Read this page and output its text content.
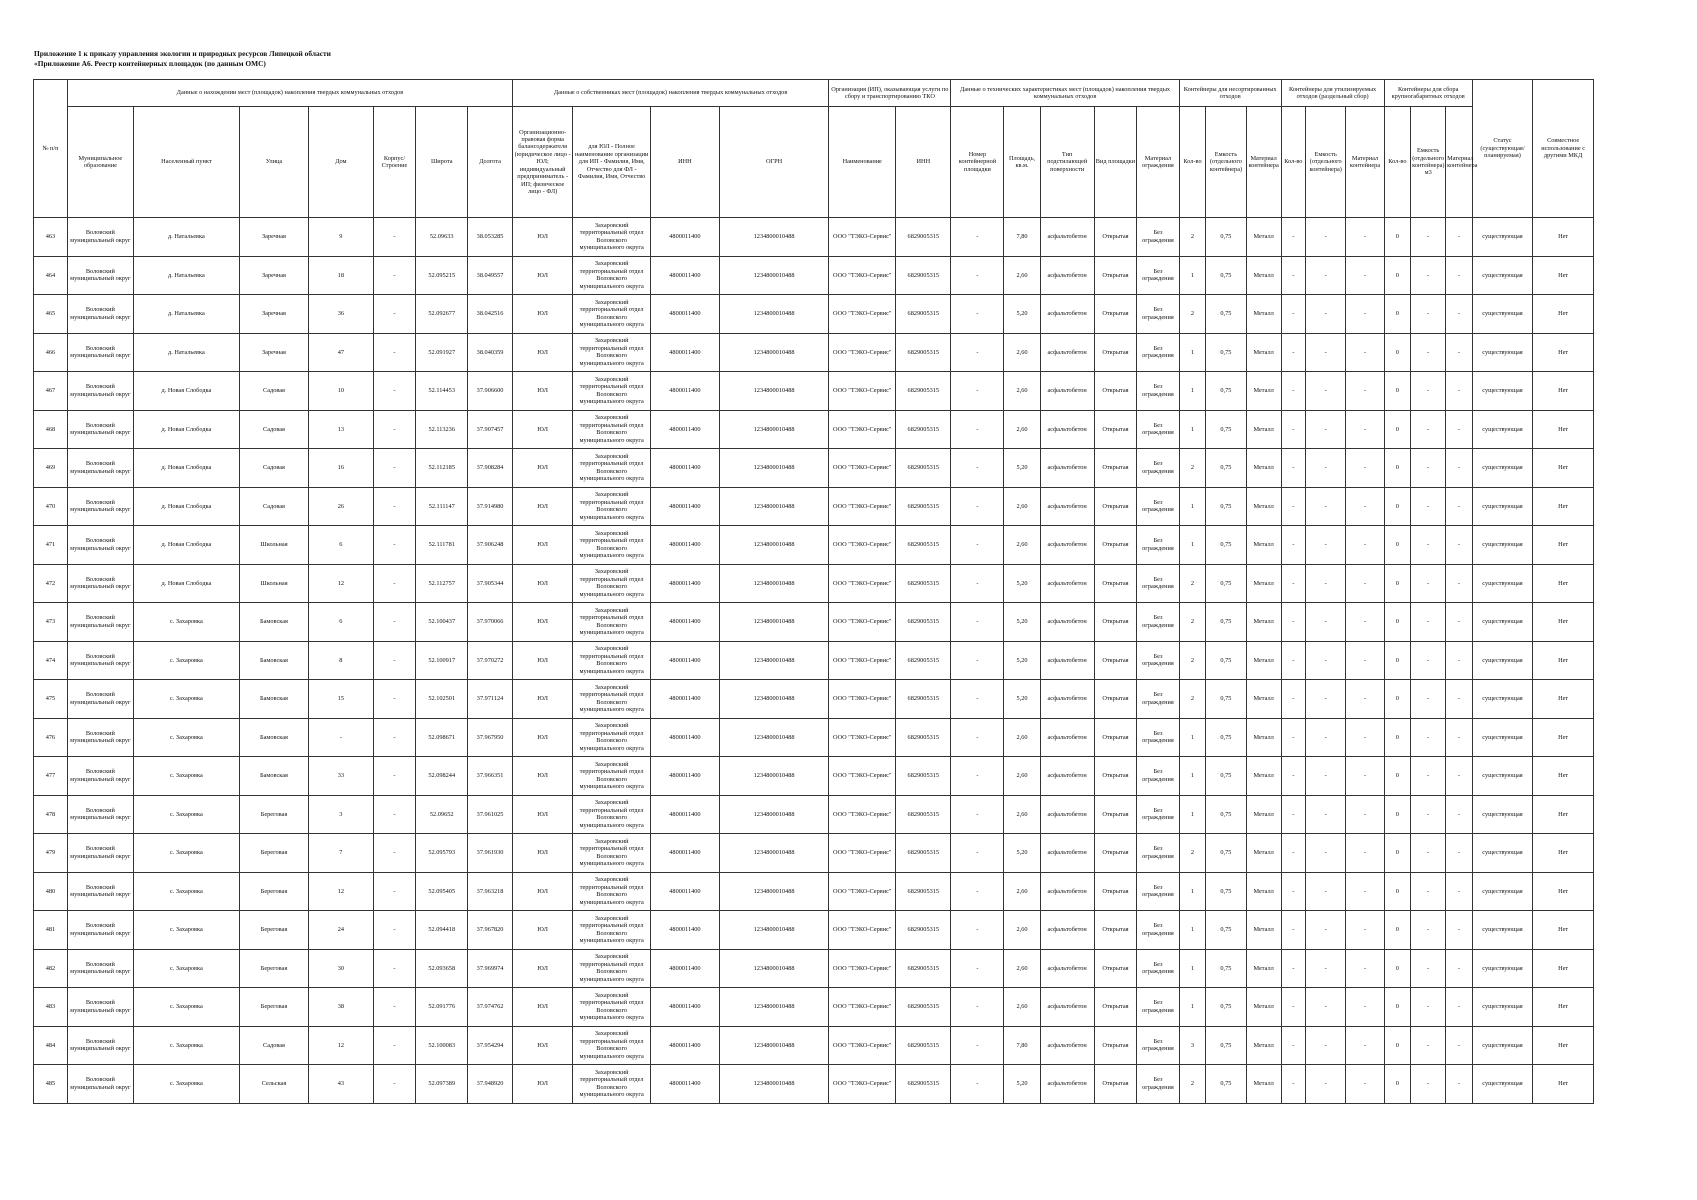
Приложение 1 к приказу управления экологии и природных ресурсов Липецкой области
«Приложение А6. Реестр контейнерных площадок (по данным ОМС)
№ п/п	Данные о нахождении мест (площадок) накопления твердых коммунальных отходов							Данные о собственниках мест (площадок) накопления твердых коммунальных отходов				Организация (ИП), оказывающая услуги по сбору и транспортированию ТКО		Данные о технических характеристиках мест (площадок) накопления твердых коммунальных отходов					Контейнеры для несортированных отходов			Контейнеры для утилизируемых отходов (раздельный сбор)			Контейнеры для сбора крупногабаритных отходов			Статус (существующая/планируемая)	Совместное использование с другими МКД
	Муниципальное образование	Населенный пункт	Улица	Дом	Корпус/Строение	Широта	Долгота	Организационно-правовая форма балансодержателя (юридическое лицо - ЮЛ; индивидуальный предприниматель - ИП; физическое лицо - ФЛ)	для ЮЛ - Полное наименование организации для ИП - Фамилия, Имя, Отчество для ФЛ - Фамилия, Имя, Отчество	ИНН	ОГРН	Наименование	ИНН	Номер контейнерной площадки	Площадь, кв.м.	Тип подстилающей поверхности	Вид площадки	Материал ограждения	Кол-во	Емкость (отдельного контейнера)	Материал контейнера	Кол-во	Емкость (отдельного контейнера)	Материал контейнера	Кол-во	Емкость (отдельного контейнера) м3	Материал контейнера		
463	Воловский муниципальный округ	д. Натальевка	Заречная	9	-	52.09633	38.053285	ЮЛ	Захаровский территориальный отдел Воловского муниципального округа	4800011400	1234800010488	ООО "ТЭКО-Сервис"	6829005315	-	7,80	асфальтобетон	Открытая	Без ограждения	2	0,75	Металл	-	-	-	0	-	-	существующая	Нет
464	Воловский муниципальный округ	д. Натальевка	Заречная	18	-	52.095215	38.049557	ЮЛ	Захаровский территориальный отдел Воловского муниципального округа	4800011400	1234800010488	ООО "ТЭКО-Сервис"	6829005315	-	2,60	асфальтобетон	Открытая	Без ограждения	1	0,75	Металл	-	-	-	0	-	-	существующая	Нет
465	Воловский муниципальный округ	д. Натальевка	Заречная	36	-	52.092677	38.042516	ЮЛ	Захаровский территориальный отдел Воловского муниципального округа	4800011400	1234800010488	ООО "ТЭКО-Сервис"	6829005315	-	5,20	асфальтобетон	Открытая	Без ограждения	2	0,75	Металл	-	-	-	0	-	-	существующая	Нет
466	Воловский муниципальный округ	д. Натальевка	Заречная	47	-	52.091927	38.040359	ЮЛ	Захаровский территориальный отдел Воловского муниципального округа	4800011400	1234800010488	ООО "ТЭКО-Сервис"	6829005315	-	2,60	асфальтобетон	Открытая	Без ограждения	1	0,75	Металл	-	-	-	0	-	-	существующая	Нет
467	Воловский муниципальный округ	д. Новая Слободка	Садовая	10	-	52.114453	37.906600	ЮЛ	Захаровский территориальный отдел Воловского муниципального округа	4800011400	1234800010488	ООО "ТЭКО-Сервис"	6829005315	-	2,60	асфальтобетон	Открытая	Без ограждения	1	0,75	Металл	-	-	-	0	-	-	существующая	Нет
468	Воловский муниципальный округ	д. Новая Слободка	Садовая	13	-	52.113236	37.907457	ЮЛ	Захаровский территориальный отдел Воловского муниципального округа	4800011400	1234800010488	ООО "ТЭКО-Сервис"	6829005315	-	2,60	асфальтобетон	Открытая	Без ограждения	1	0,75	Металл	-	-	-	0	-	-	существующая	Нет
469	Воловский муниципальный округ	д. Новая Слободка	Садовая	16	-	52.112185	37.908284	ЮЛ	Захаровский территориальный отдел Воловского муниципального округа	4800011400	1234800010488	ООО "ТЭКО-Сервис"	6829005315	-	5,20	асфальтобетон	Открытая	Без ограждения	2	0,75	Металл	-	-	-	0	-	-	существующая	Нет
470	Воловский муниципальный округ	д. Новая Слободка	Садовая	26	-	52.111147	37.914980	ЮЛ	Захаровский территориальный отдел Воловского муниципального округа	4800011400	1234800010488	ООО "ТЭКО-Сервис"	6829005315	-	2,60	асфальтобетон	Открытая	Без ограждения	1	0,75	Металл	-	-	-	0	-	-	существующая	Нет
471	Воловский муниципальный округ	д. Новая Слободка	Школьная	6	-	52.111781	37.906248	ЮЛ	Захаровский территориальный отдел Воловского муниципального округа	4800011400	1234800010488	ООО "ТЭКО-Сервис"	6829005315	-	2,60	асфальтобетон	Открытая	Без ограждения	1	0,75	Металл	-	-	-	0	-	-	существующая	Нет
472	Воловский муниципальный округ	д. Новая Слободка	Школьная	12	-	52.112757	37.905344	ЮЛ	Захаровский территориальный отдел Воловского муниципального округа	4800011400	1234800010488	ООО "ТЭКО-Сервис"	6829005315	-	5,20	асфальтобетон	Открытая	Без ограждения	2	0,75	Металл	-	-	-	0	-	-	существующая	Нет
473	Воловский муниципальный округ	с. Захаровка	Бамовская	6	-	52.100437	37.970066	ЮЛ	Захаровский территориальный отдел Воловского муниципального округа	4800011400	1234800010488	ООО "ТЭКО-Сервис"	6829005315	-	5,20	асфальтобетон	Открытая	Без ограждения	2	0,75	Металл	-	-	-	0	-	-	существующая	Нет
474	Воловский муниципальный округ	с. Захаровка	Бамовская	8	-	52.100917	37.970272	ЮЛ	Захаровский территориальный отдел Воловского муниципального округа	4800011400	1234800010488	ООО "ТЭКО-Сервис"	6829005315	-	5,20	асфальтобетон	Открытая	Без ограждения	2	0,75	Металл	-	-	-	0	-	-	существующая	Нет
475	Воловский муниципальный округ	с. Захаровка	Бамовская	15	-	52.102501	37.971124	ЮЛ	Захаровский территориальный отдел Воловского муниципального округа	4800011400	1234800010488	ООО "ТЭКО-Сервис"	6829005315	-	5,20	асфальтобетон	Открытая	Без ограждения	2	0,75	Металл	-	-	-	0	-	-	существующая	Нет
476	Воловский муниципальный округ	с. Захаровка	Бамовская	-	-	52.098671	37.967950	ЮЛ	Захаровский территориальный отдел Воловского муниципального округа	4800011400	1234800010488	ООО "ТЭКО-Сервис"	6829005315	-	2,60	асфальтобетон	Открытая	Без ограждения	1	0,75	Металл	-	-	-	0	-	-	существующая	Нет
477	Воловский муниципальный округ	с. Захаровка	Бамовская	33	-	52.098244	37.966351	ЮЛ	Захаровский территориальный отдел Воловского муниципального округа	4800011400	1234800010488	ООО "ТЭКО-Сервис"	6829005315	-	2,60	асфальтобетон	Открытая	Без ограждения	1	0,75	Металл	-	-	-	0	-	-	существующая	Нет
478	Воловский муниципальный округ	с. Захаровка	Береговая	3	-	52.09652	37.961025	ЮЛ	Захаровский территориальный отдел Воловского муниципального округа	4800011400	1234800010488	ООО "ТЭКО-Сервис"	6829005315	-	2,60	асфальтобетон	Открытая	Без ограждения	1	0,75	Металл	-	-	-	0	-	-	существующая	Нет
479	Воловский муниципальный округ	с. Захаровка	Береговая	7	-	52.095793	37.961930	ЮЛ	Захаровский территориальный отдел Воловского муниципального округа	4800011400	1234800010488	ООО "ТЭКО-Сервис"	6829005315	-	5,20	асфальтобетон	Открытая	Без ограждения	2	0,75	Металл	-	-	-	0	-	-	существующая	Нет
480	Воловский муниципальный округ	с. Захаровка	Береговая	12	-	52.095405	37.963218	ЮЛ	Захаровский территориальный отдел Воловского муниципального округа	4800011400	1234800010488	ООО "ТЭКО-Сервис"	6829005315	-	2,60	асфальтобетон	Открытая	Без ограждения	1	0,75	Металл	-	-	-	0	-	-	существующая	Нет
481	Воловский муниципальный округ	с. Захаровка	Береговая	24	-	52.094418	37.967820	ЮЛ	Захаровский территориальный отдел Воловского муниципального округа	4800011400	1234800010488	ООО "ТЭКО-Сервис"	6829005315	-	2,60	асфальтобетон	Открытая	Без ограждения	1	0,75	Металл	-	-	-	0	-	-	существующая	Нет
482	Воловский муниципальный округ	с. Захаровка	Береговая	30	-	52.093658	37.969974	ЮЛ	Захаровский территориальный отдел Воловского муниципального округа	4800011400	1234800010488	ООО "ТЭКО-Сервис"	6829005315	-	2,60	асфальтобетон	Открытая	Без ограждения	1	0,75	Металл	-	-	-	0	-	-	существующая	Нет
483	Воловский муниципальный округ	с. Захаровка	Береговая	38	-	52.091776	37.974762	ЮЛ	Захаровский территориальный отдел Воловского муниципального округа	4800011400	1234800010488	ООО "ТЭКО-Сервис"	6829005315	-	2,60	асфальтобетон	Открытая	Без ограждения	1	0,75	Металл	-	-	-	0	-	-	существующая	Нет
484	Воловский муниципальный округ	с. Захаровка	Садовая	12	-	52.100083	37.954294	ЮЛ	Захаровский территориальный отдел Воловского муниципального округа	4800011400	1234800010488	ООО "ТЭКО-Сервис"	6829005315	-	7,80	асфальтобетон	Открытая	Без ограждения	3	0,75	Металл	-	-	-	0	-	-	существующая	Нет
485	Воловский муниципальный округ	с. Захаровка	Сельская	43	-	52.097389	37.948920	ЮЛ	Захаровский территориальный отдел Воловского муниципального округа	4800011400	1234800010488	ООО "ТЭКО-Сервис"	6829005315	-	5,20	асфальтобетон	Открытая	Без ограждения	2	0,75	Металл	-	-	-	0	-	-	существующая	Нет
